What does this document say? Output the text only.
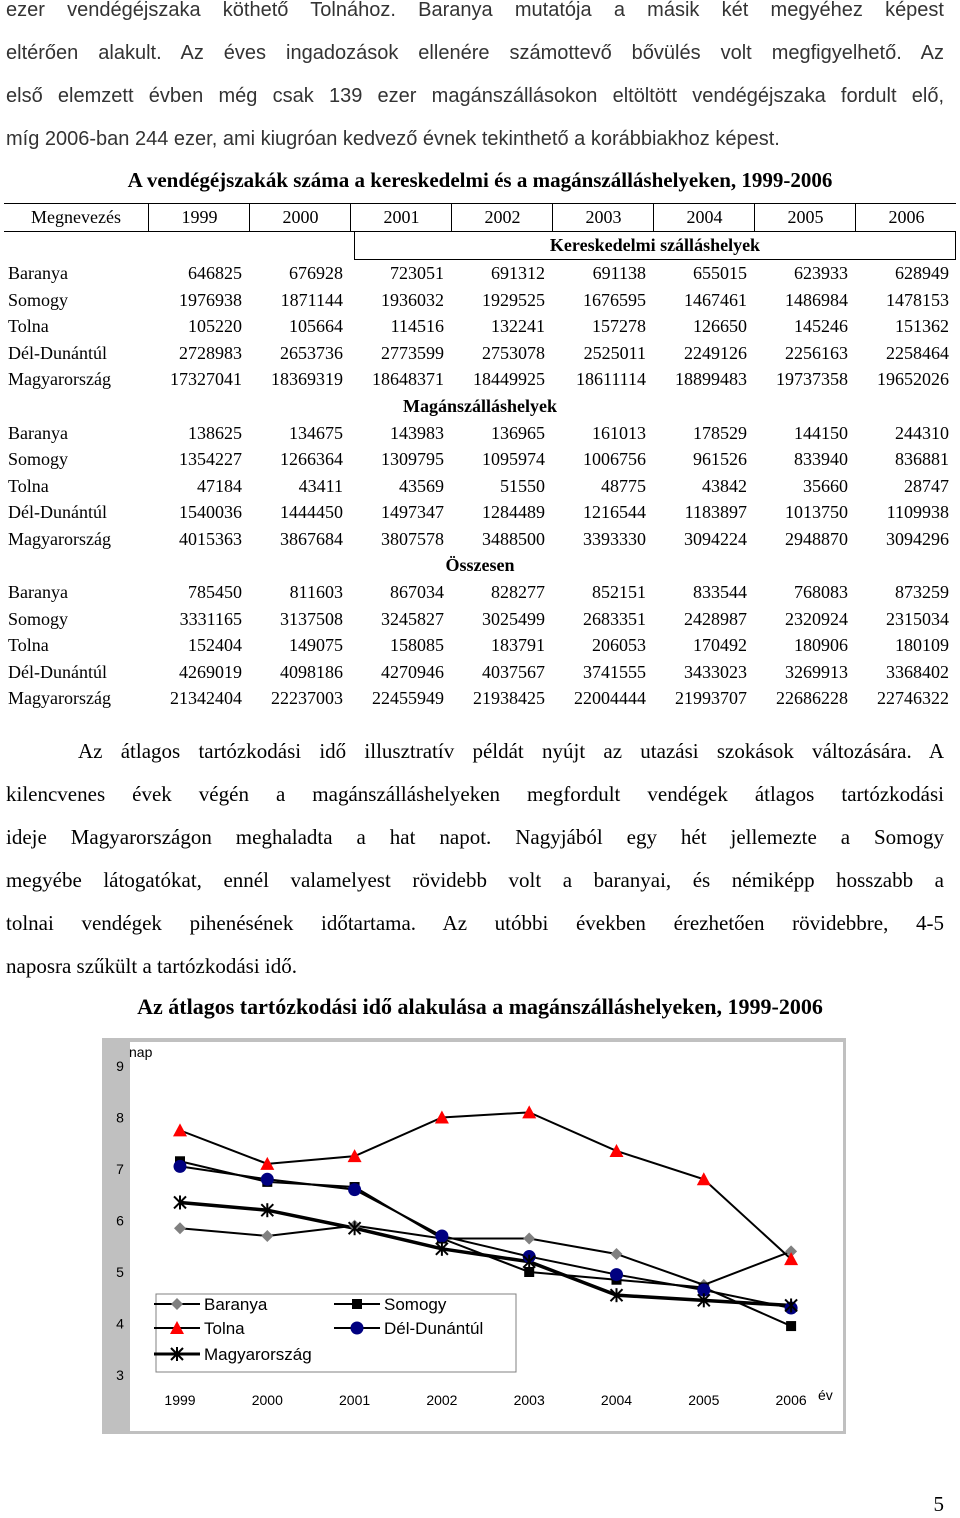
ezer vendégéjszaka köthető Tolnához. Baranya mutatója a másik két megyéhez képest
eltérően alakult. Az éves ingadozások ellenére számottevő bővülés volt megfigyelhető. Az
első elemzett évben még csak 139 ezer magánszállásokon eltöltött vendégéjszaka fordult elő,
míg 2006-ban 244 ezer, ami kiugróan kedvező évnek tekinthető a korábbiakhoz képest.
A vendégéjszakák száma a kereskedelmi és a magánszálláshelyeken, 1999-2006
Megnevezés	1999	2000	2001	2002	2003	2004	2005	2006
Kereskedelmi szálláshelyek
Baranya	646825	676928	723051	691312	691138	655015	623933	628949
Somogy	1976938	1871144	1936032	1929525	1676595	1467461	1486984	1478153
Tolna	105220	105664	114516	132241	157278	126650	145246	151362
Dél-Dunántúl	2728983	2653736	2773599	2753078	2525011	2249126	2256163	2258464
Magyarország	17327041	18369319	18648371	18449925	18611114	18899483	19737358	19652026
Magánszálláshelyek
Baranya	138625	134675	143983	136965	161013	178529	144150	244310
Somogy	1354227	1266364	1309795	1095974	1006756	961526	833940	836881
Tolna	47184	43411	43569	51550	48775	43842	35660	28747
Dél-Dunántúl	1540036	1444450	1497347	1284489	1216544	1183897	1013750	1109938
Magyarország	4015363	3867684	3807578	3488500	3393330	3094224	2948870	3094296
Összesen
Baranya	785450	811603	867034	828277	852151	833544	768083	873259
Somogy	3331165	3137508	3245827	3025499	2683351	2428987	2320924	2315034
Tolna	152404	149075	158085	183791	206053	170492	180906	180109
Dél-Dunántúl	4269019	4098186	4270946	4037567	3741555	3433023	3269913	3368402
Magyarország	21342404	22237003	22455949	21938425	22004444	21993707	22686228	22746322
Az átlagos tartózkodási idő illusztratív példát nyújt az utazási szokások változására. A
kilencvenes évek végén a magánszálláshelyeken megfordult vendégek átlagos tartózkodási
ideje Magyarországon meghaladta a hat napot. Nagyjából egy hét jellemezte a Somogy
megyébe látogatókat, ennél valamelyest rövidebb volt a baranyai, és némiképp hosszabb a
tolnai vendégek pihenésének időtartama. Az utóbbi években érezhetően rövidebbre, 4-5
naposra szűkült a tartózkodási idő.
Az átlagos tartózkodási idő alakulása a magánszálláshelyeken, 1999-2006
3
4
5
6
7
8
9
nap
1999	2000	2001	2002	2003	2004	2005	2006 év
Baranya	Somogy
Tolna	Dél-Dunántúl
Magyarország
5
